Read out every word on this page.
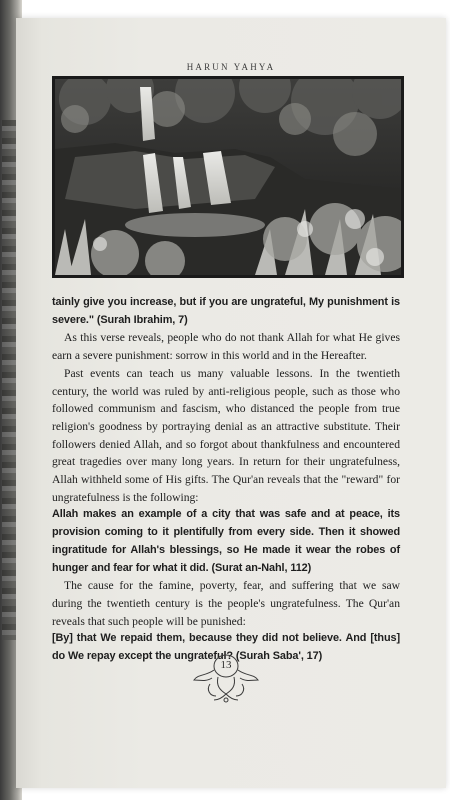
HARUN YAHYA

tainly give you increase, but if you are ungrateful, My punishment is severe." (Surah Ibrahim, 7)

As this verse reveals, people who do not thank Allah for what He gives earn a severe punishment: sorrow in this world and in the Hereafter.

Past events can teach us many valuable lessons. In the twentieth century, the world was ruled by anti-religious people, such as those who followed communism and fascism, who distanced the people from true religion's goodness by portraying denial as an attractive substitute. Their followers denied Allah, and so forgot about thankfulness and encountered great tragedies over many long years. In return for their ungratefulness, Allah withheld some of His gifts. The Qur'an reveals that the "reward" for ungratefulness is the following:

Allah makes an example of a city that was safe and at peace, its provision coming to it plentifully from every side. Then it showed ingratitude for Allah's blessings, so He made it wear the robes of hunger and fear for what it did. (Surat an-Nahl, 112)

The cause for the famine, poverty, fear, and suffering that we saw during the twentieth century is the people's ungratefulness. The Qur'an reveals that such people will be punished:

[By] that We repaid them, because they did not believe. And [thus] do We repay except the ungrateful? (Surah Saba', 17)

13
